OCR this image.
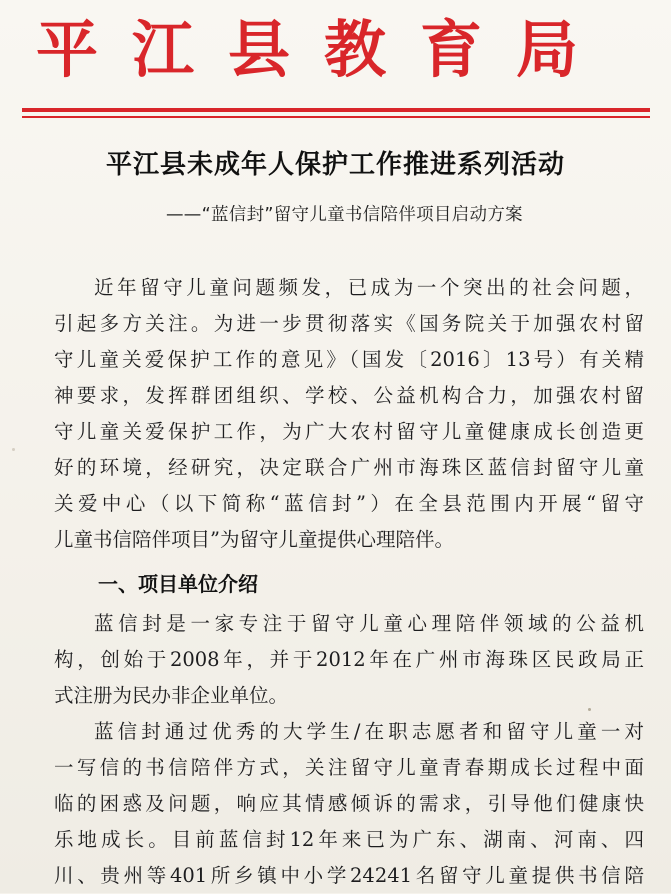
平江县教育局
平江县未成年人保护工作推进系列活动
——“蓝信封”留守儿童书信陪伴项目启动方案
近年留守儿童问题频发，已成为一个突出的社会问题，
引起多方关注。为进一步贯彻落实《国务院关于加强农村留
守儿童关爱保护工作的意见》（国发〔2016〕13号）有关精
神要求，发挥群团组织、学校、公益机构合力，加强农村留
守儿童关爱保护工作，为广大农村留守儿童健康成长创造更
好的环境，经研究，决定联合广州市海珠区蓝信封留守儿童
关爱中心（以下简称“蓝信封”）在全县范围内开展“留守
儿童书信陪伴项目”为留守儿童提供心理陪伴。
一、项目单位介绍
蓝信封是一家专注于留守儿童心理陪伴领域的公益机
构，创始于2008年，并于2012年在广州市海珠区民政局正
式注册为民办非企业单位。
蓝信封通过优秀的大学生/在职志愿者和留守儿童一对
一写信的书信陪伴方式，关注留守儿童青春期成长过程中面
临的困惑及问题，响应其情感倾诉的需求，引导他们健康快
乐地成长。目前蓝信封12年来已为广东、湖南、河南、四
川、贵州等401所乡镇中小学24241名留守儿童提供书信陪
